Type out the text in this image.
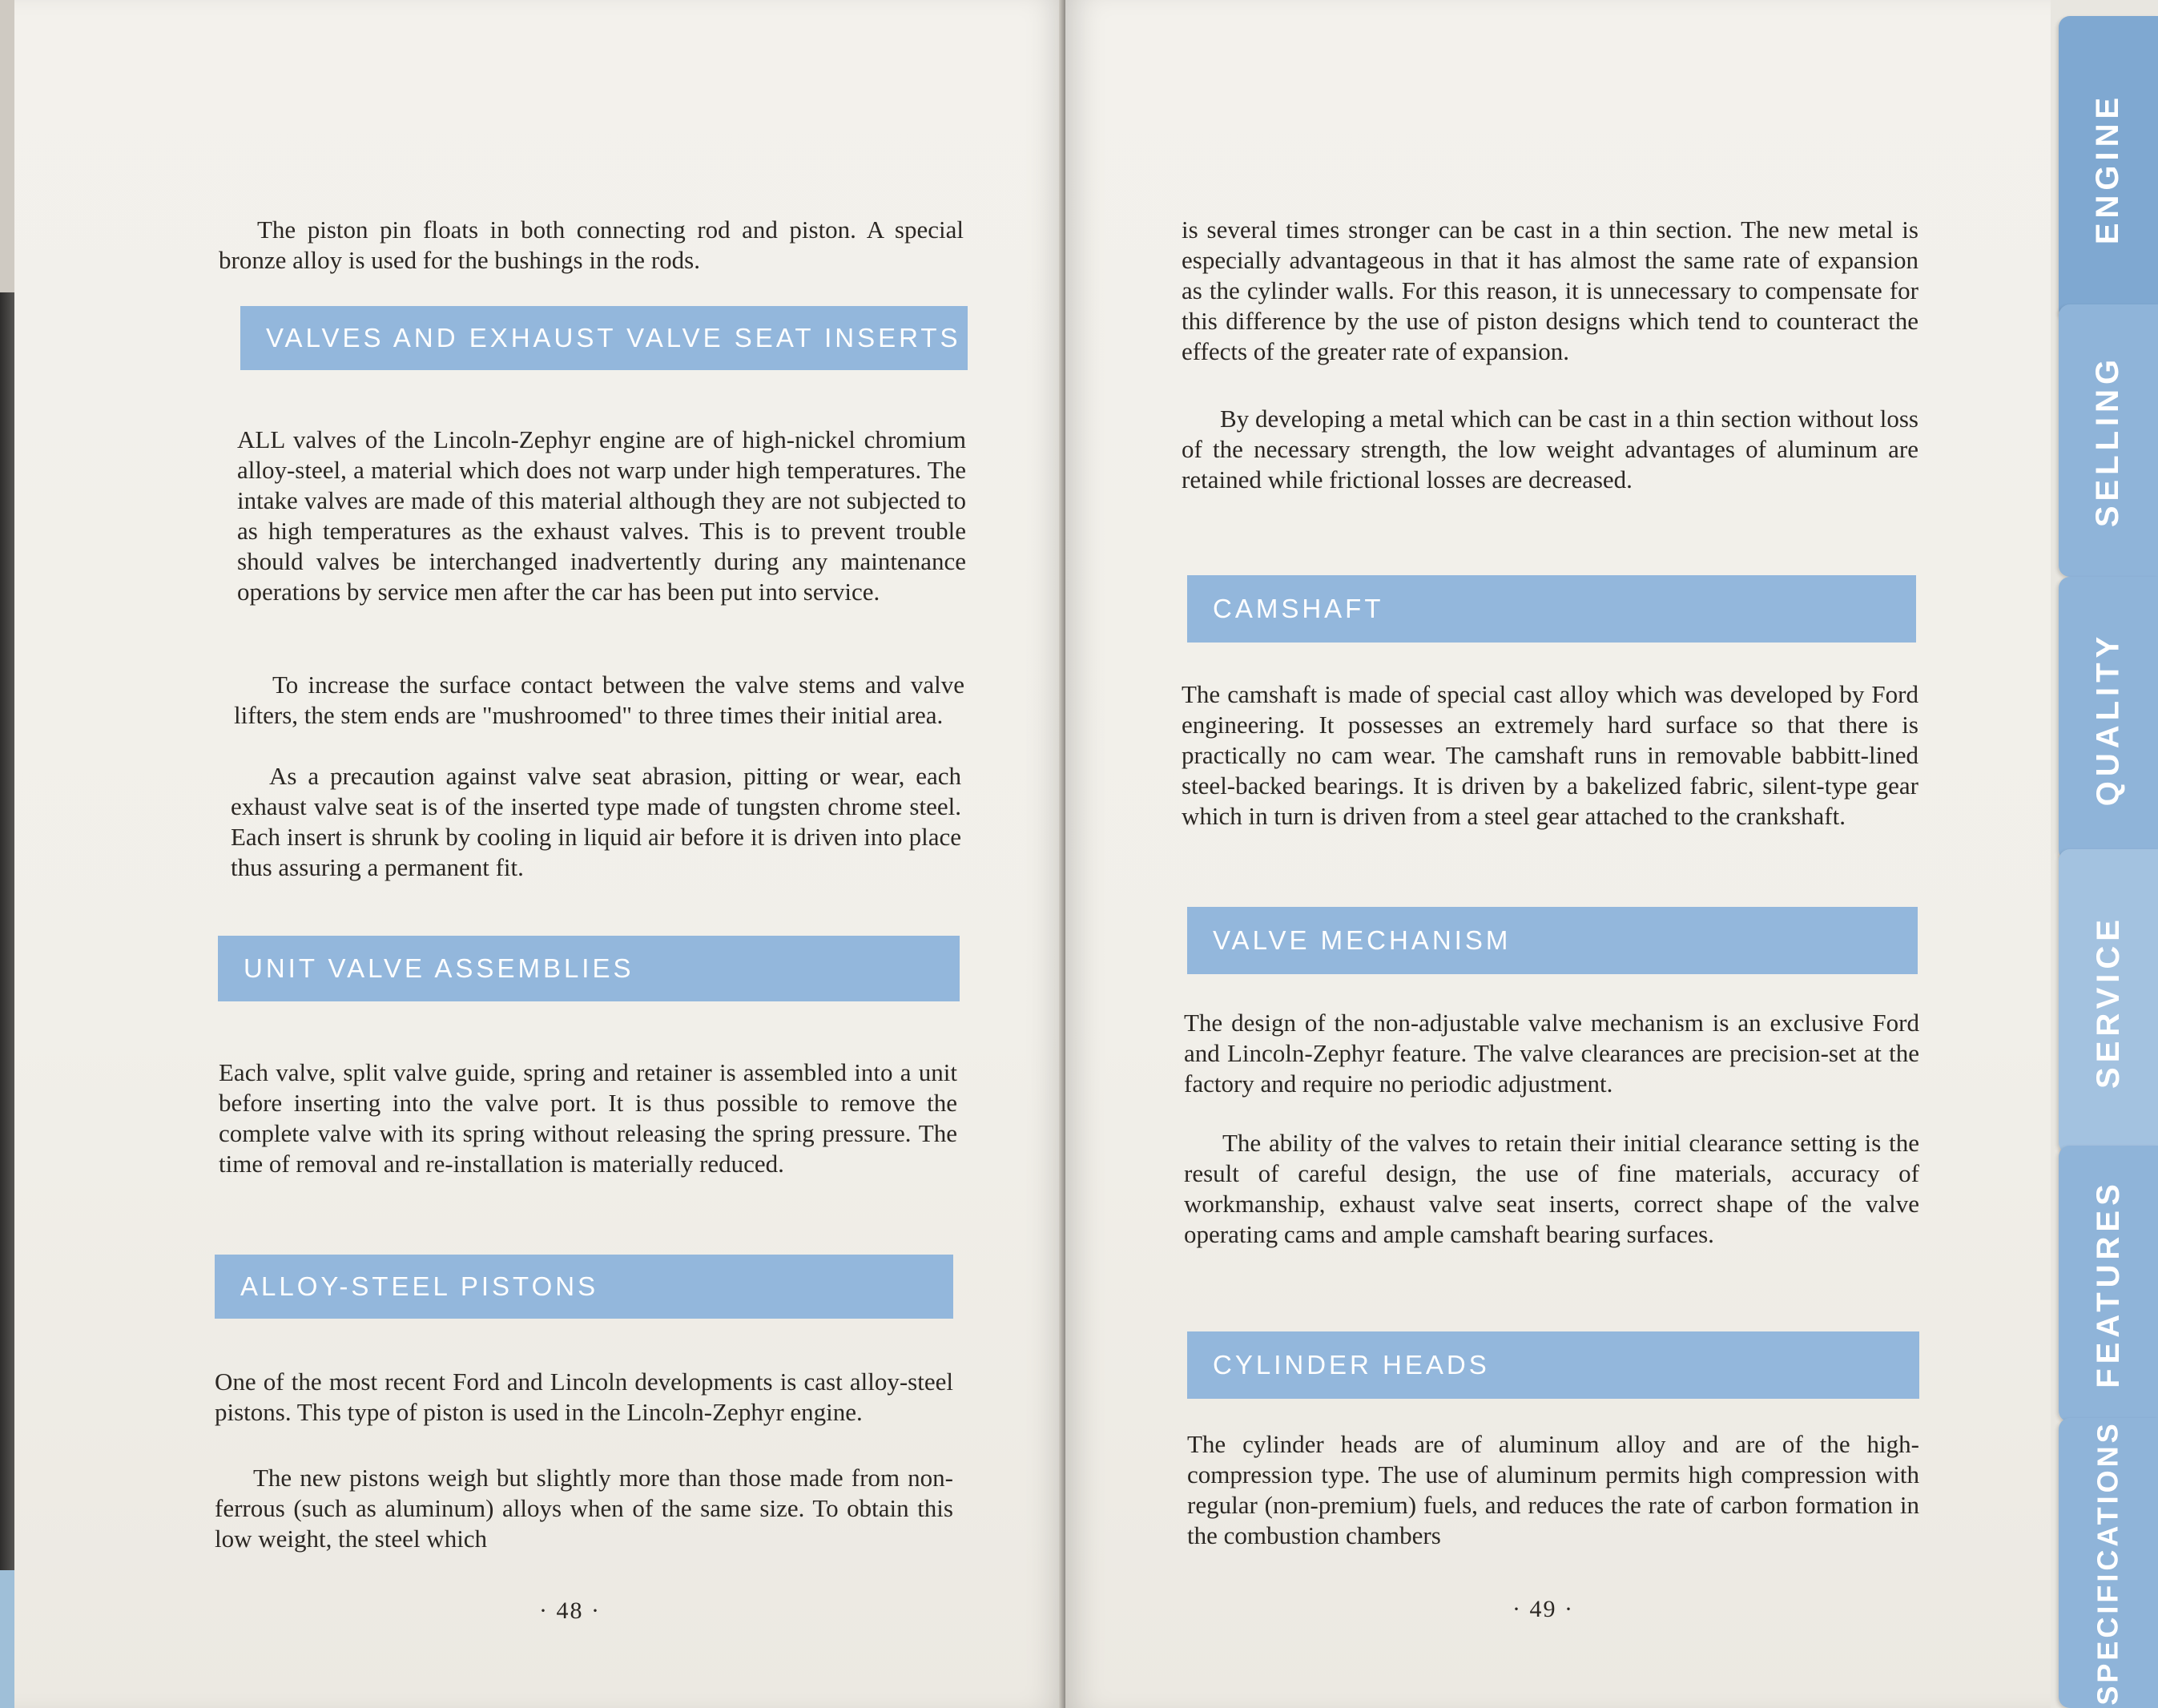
The piston pin floats in both connecting rod and piston. A special bronze alloy is used for the bushings in the rods.

VALVES AND EXHAUST VALVE SEAT INSERTS

ALL valves of the Lincoln-Zephyr engine are of high-nickel chromium alloy-steel, a material which does not warp under high temperatures. The intake valves are made of this material although they are not subjected to as high temperatures as the exhaust valves. This is to prevent trouble should valves be interchanged inadvertently during any maintenance operations by service men after the car has been put into service.

To increase the surface contact between the valve stems and valve lifters, the stem ends are "mushroomed" to three times their initial area.

As a precaution against valve seat abrasion, pitting or wear, each exhaust valve seat is of the inserted type made of tungsten chrome steel. Each insert is shrunk by cooling in liquid air before it is driven into place thus assuring a permanent fit.

UNIT VALVE ASSEMBLIES

Each valve, split valve guide, spring and retainer is assembled into a unit before inserting into the valve port. It is thus possible to remove the complete valve with its spring without releasing the spring pressure. The time of removal and re-installation is materially reduced.

ALLOY-STEEL PISTONS

One of the most recent Ford and Lincoln developments is cast alloy-steel pistons. This type of piston is used in the Lincoln-Zephyr engine.

The new pistons weigh but slightly more than those made from non-ferrous (such as aluminum) alloys when of the same size. To obtain this low weight, the steel which

· 48 ·

is several times stronger can be cast in a thin section. The new metal is especially advantageous in that it has almost the same rate of expansion as the cylinder walls. For this reason, it is unnecessary to compensate for this difference by the use of piston designs which tend to counteract the effects of the greater rate of expansion.

By developing a metal which can be cast in a thin section without loss of the necessary strength, the low weight advantages of aluminum are retained while frictional losses are decreased.

CAMSHAFT

The camshaft is made of special cast alloy which was developed by Ford engineering. It possesses an extremely hard surface so that there is practically no cam wear. The camshaft runs in removable babbitt-lined steel-backed bearings. It is driven by a bakelized fabric, silent-type gear which in turn is driven from a steel gear attached to the crankshaft.

VALVE MECHANISM

The design of the non-adjustable valve mechanism is an exclusive Ford and Lincoln-Zephyr feature. The valve clearances are precision-set at the factory and require no periodic adjustment.

The ability of the valves to retain their initial clearance setting is the result of careful design, the use of fine materials, accuracy of workmanship, exhaust valve seat inserts, correct shape of the valve operating cams and ample camshaft bearing surfaces.

CYLINDER HEADS

The cylinder heads are of aluminum alloy and are of the high-compression type. The use of aluminum permits high compression with regular (non-premium) fuels, and reduces the rate of carbon formation in the combustion chambers

· 49 ·
ENGINE
SELLING
QUALITY
SERVICE
FEATURES
SPECIFICATIONS
